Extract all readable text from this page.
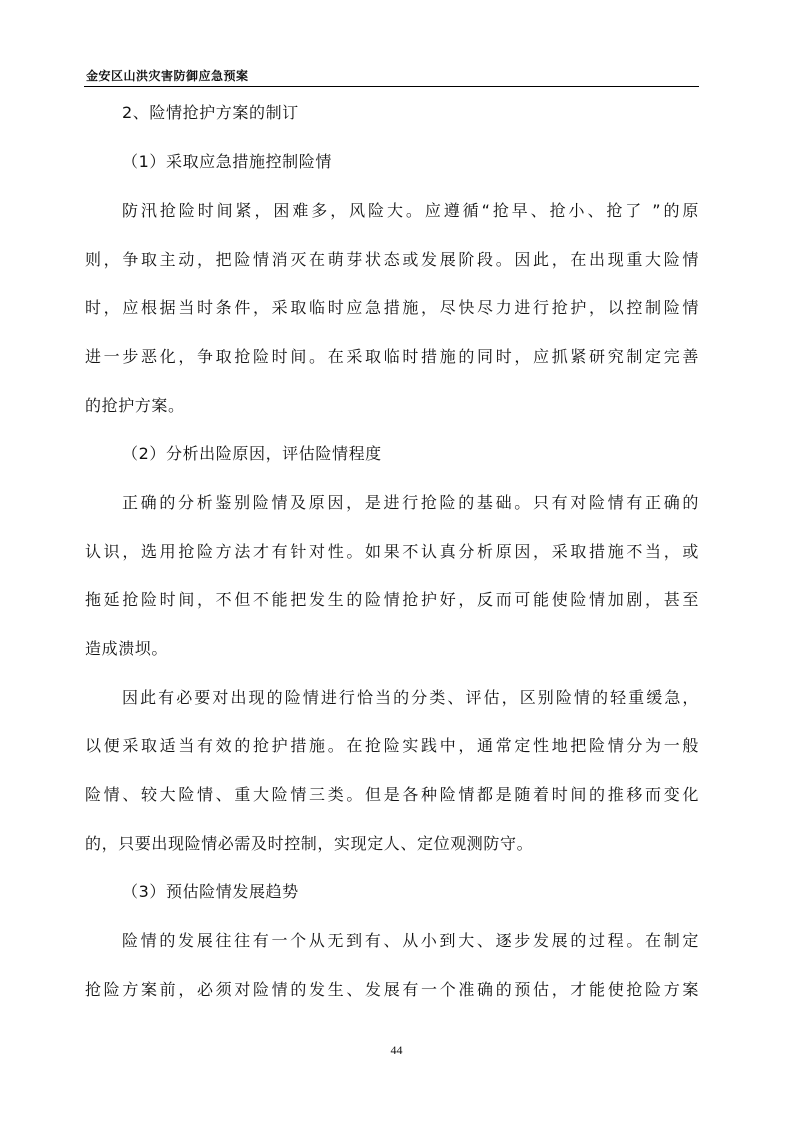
金安区山洪灾害防御应急预案
2、险情抢护方案的制订
（1）采取应急措施控制险情
防汛抢险时间紧，困难多，风险大。应遵循“抢早、抢小、抢了 ”的原
则，争取主动，把险情消灭在萌芽状态或发展阶段。因此，在出现重大险情
时，应根据当时条件，采取临时应急措施，尽快尽力进行抢护，以控制险情
进一步恶化，争取抢险时间。在采取临时措施的同时，应抓紧研究制定完善
的抢护方案。
（2）分析出险原因，评估险情程度
正确的分析鉴别险情及原因，是进行抢险的基础。只有对险情有正确的
认识，选用抢险方法才有针对性。如果不认真分析原因，采取措施不当，或
拖延抢险时间，不但不能把发生的险情抢护好，反而可能使险情加剧，甚至
造成溃坝。
因此有必要对出现的险情进行恰当的分类、评估，区别险情的轻重缓急，
以便采取适当有效的抢护措施。在抢险实践中，通常定性地把险情分为一般
险情、较大险情、重大险情三类。但是各种险情都是随着时间的推移而变化
的，只要出现险情必需及时控制，实现定人、定位观测防守。
（3）预估险情发展趋势
险情的发展往往有一个从无到有、从小到大、逐步发展的过程。在制定
抢险方案前，必须对险情的发生、发展有一个准确的预估，才能使抢险方案
44
